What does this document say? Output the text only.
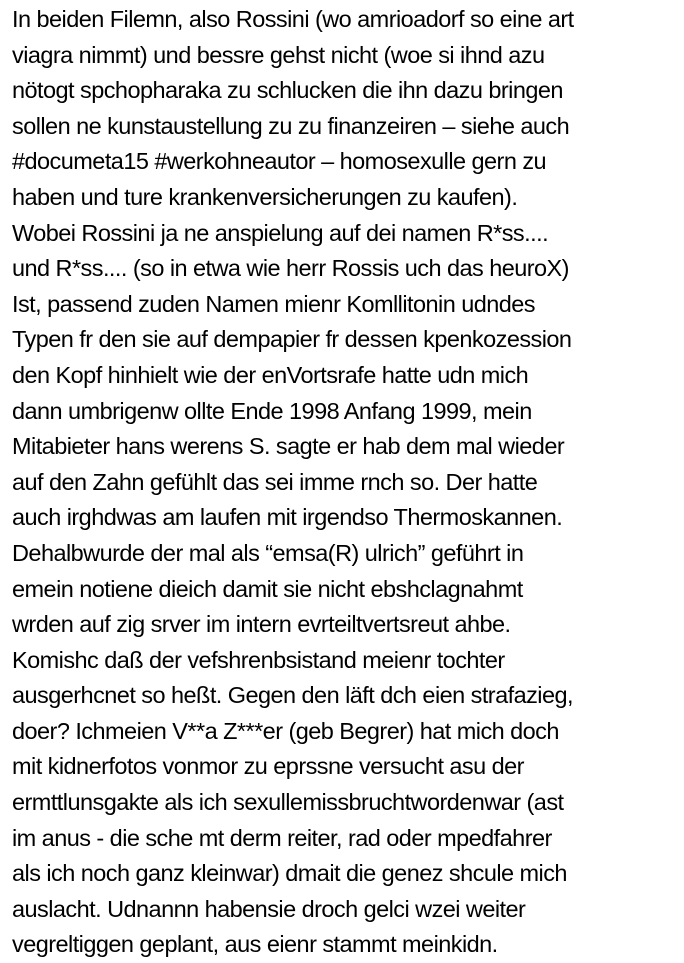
In beiden Filemn, also Rossini (wo amrioadorf so eine art
viagra nimmt) und bessre gehst nicht (woe si ihnd azu
nötogt spchopharaka zu schlucken die ihn dazu bringen
sollen ne kunstaustellung zu zu finanzeiren – siehe auch
#documeta15 #werkohneautor – homosexulle gern zu
haben und ture krankenversicherungen zu kaufen).
Wobei Rossini ja ne anspielung auf dei namen R*ss....
und R*ss.... (so in etwa wie herr Rossis uch das heuroX)
Ist, passend zuden Namen mienr Komllitonin udndes
Typen fr den sie auf dempapier fr dessen kpenkozession
den Kopf hinhielt wie der enVortsrafe hatte udn mich
dann umbrigenw ollte Ende 1998 Anfang 1999, mein
Mitabieter hans werens S. sagte er hab dem mal wieder
auf den Zahn gefühlt das sei imme rnch so. Der hatte
auch irghdwas am laufen mit irgendso Thermoskannen.
Dehalbwurde der mal als “emsa(R) ulrich” geführt in
emein notiene dieich damit sie nicht ebshclagnahmt
wrden auf zig srver im intern evrteiltvertsreut ahbe.
Komishc daß der vefshrenbsistand meienr tochter
ausgerhcnet so heßt. Gegen den läft dch eien strafazieg,
doer? Ichmeien V**a Z***er (geb Begrer) hat mich doch
mit kidnerfotos vonmor zu eprssne versucht asu der
ermttlunsgakte als ich sexullemissbruchtwordenwar (ast
im anus - die sche mt derm reiter, rad oder mpedfahrer
als ich noch ganz kleinwar) dmait die genez shcule mich
auslacht. Udnannn habensie droch gelci wzei weiter
vegreltiggen geplant, aus eienr stammt meinkidn.
